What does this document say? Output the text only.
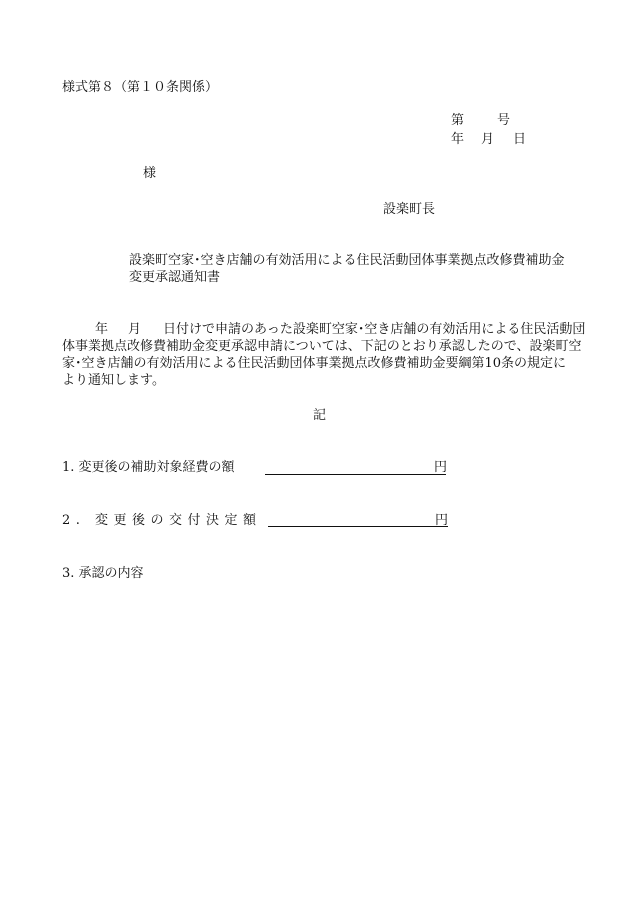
様式第８（第１０条関係）
第	号
年 月 日
様
設楽町長
設楽町空家･空き店舗の有効活用による住民活動団体事業拠点改修費補助金
変更承認通知書
年 月 日付けで申請のあった設楽町空家･空き店舗の有効活用による住民活動団
体事業拠点改修費補助金変更承認申請については、下記のとおり承認したので、設楽町空
家･空き店舗の有効活用による住民活動団体事業拠点改修費補助金要綱第10条の規定に
より通知します。
記
1. 変更後の補助対象経費の額	円
2. 変更後の交付決定額	円
3. 承認の内容
